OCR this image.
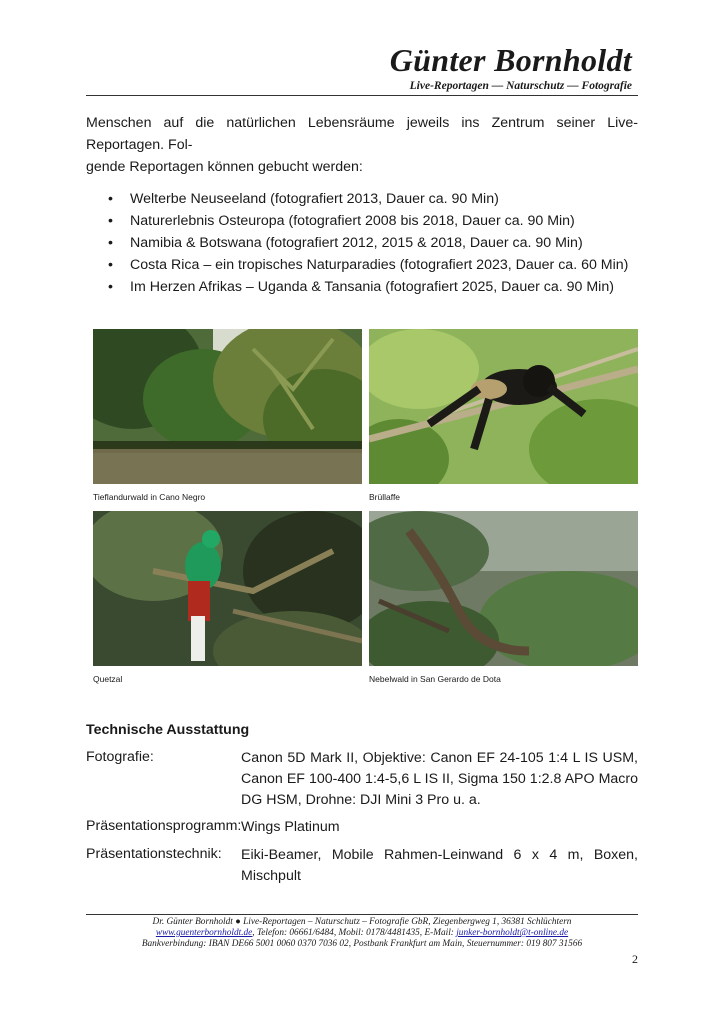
Günter Bornholdt
Live-Reportagen — Naturschutz — Fotografie
Menschen auf die natürlichen Lebensräume jeweils ins Zentrum seiner Live-Reportagen. Fol-
gende Reportagen können gebucht werden:
• Welterbe Neuseeland (fotografiert 2013, Dauer ca. 90 Min)
• Naturerlebnis Osteuropa (fotografiert 2008 bis 2018, Dauer ca. 90 Min)
• Namibia & Botswana (fotografiert 2012, 2015 & 2018, Dauer ca. 90 Min)
• Costa Rica – ein tropisches Naturparadies (fotografiert 2023, Dauer ca. 60 Min)
• Im Herzen Afrikas – Uganda & Tansania (fotografiert 2025, Dauer ca. 90 Min)
Tieflandurwald in Cano Negro	Brüllaffe
Quetzal	Nebelwald in San Gerardo de Dota
Technische Ausstattung
Fotografie:	Canon 5D Mark II, Objektive: Canon EF 24-105 1:4 L IS USM, Canon EF 100-400 1:4-5,6 L IS II, Sigma 150 1:2.8 APO Macro DG HSM, Drohne: DJI Mini 3 Pro u. a.
Präsentationsprogramm: Wings Platinum
Präsentationstechnik: Eiki-Beamer, Mobile Rahmen-Leinwand 6 x 4 m, Boxen, Mischpult
Dr. Günter Bornholdt ● Live-Reportagen – Naturschutz – Fotografie GbR, Ziegenbergweg 1, 36381 Schlüchtern
www.guenterbornholdt.de, Telefon: 06661/6484, Mobil: 0178/4481435, E-Mail: junker-bornholdt@t-online.de
Bankverbindung: IBAN DE66 5001 0060 0370 7036 02, Postbank Frankfurt am Main, Steuernummer: 019 807 31566
2
